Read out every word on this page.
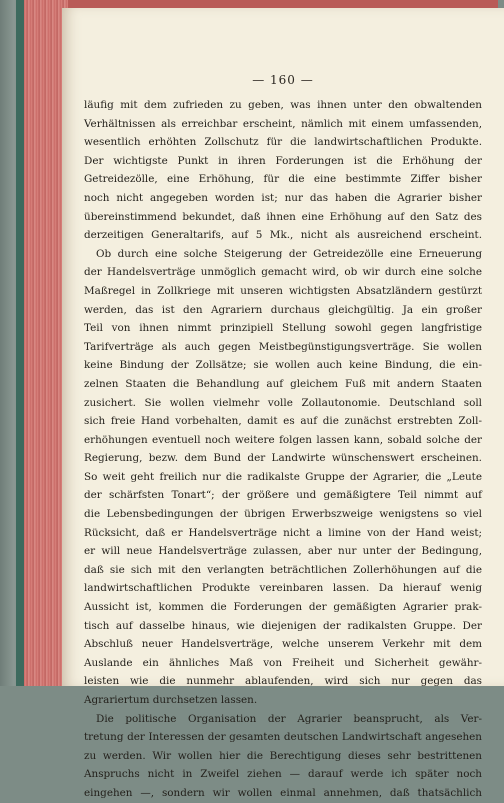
— 160 —
läufig mit dem zufrieden zu geben, was ihnen unter den obwaltenden
Verhältnissen als erreichbar erscheint, nämlich mit einem umfassenden,
wesentlich erhöhten Zollschutz für die landwirtschaftlichen Produkte.
Der wichtigste Punkt in ihren Forderungen ist die Erhöhung der
Getreidezölle, eine Erhöhung, für die eine bestimmte Ziffer bisher
noch nicht angegeben worden ist; nur das haben die Agrarier bisher
übereinstimmend bekundet, daß ihnen eine Erhöhung auf den Satz des
derzeitigen Generaltarifs, auf 5 Mk., nicht als ausreichend erscheint.
Ob durch eine solche Steigerung der Getreidezölle eine Erneuerung
der Handelsverträge unmöglich gemacht wird, ob wir durch eine solche
Maßregel in Zollkriege mit unseren wichtigsten Absatzländern gestürzt
werden, das ist den Agrariern durchaus gleichgültig. Ja ein großer
Teil von ihnen nimmt prinzipiell Stellung sowohl gegen langfristige
Tarifverträge als auch gegen Meistbegünstigungsverträge. Sie wollen
keine Bindung der Zollsätze; sie wollen auch keine Bindung, die ein-
zelnen Staaten die Behandlung auf gleichem Fuß mit andern Staaten
zusichert. Sie wollen vielmehr volle Zollautonomie. Deutschland soll
sich freie Hand vorbehalten, damit es auf die zunächst erstrebten Zoll-
erhöhungen eventuell noch weitere folgen lassen kann, sobald solche der
Regierung, bezw. dem Bund der Landwirte wünschenswert erscheinen.
So weit geht freilich nur die radikalste Gruppe der Agrarier, die „Leute
der schärfsten Tonart“; der größere und gemäßigtere Teil nimmt auf
die Lebensbedingungen der übrigen Erwerbszweige wenigstens so viel
Rücksicht, daß er Handelsverträge nicht a limine von der Hand weist;
er will neue Handelsverträge zulassen, aber nur unter der Bedingung,
daß sie sich mit den verlangten beträchtlichen Zollerhöhungen auf die
landwirtschaftlichen Produkte vereinbaren lassen. Da hierauf wenig
Aussicht ist, kommen die Forderungen der gemäßigten Agrarier prak-
tisch auf dasselbe hinaus, wie diejenigen der radikalsten Gruppe. Der
Abschluß neuer Handelsverträge, welche unserem Verkehr mit dem
Auslande ein ähnliches Maß von Freiheit und Sicherheit gewähr-
leisten wie die nunmehr ablaufenden, wird sich nur gegen das
Agrariertum durchsetzen lassen.
Die politische Organisation der Agrarier beansprucht, als Ver-
tretung der Interessen der gesamten deutschen Landwirtschaft angesehen
zu werden. Wir wollen hier die Berechtigung dieses sehr bestrittenen
Anspruchs nicht in Zweifel ziehen — darauf werde ich später noch
eingehen —, sondern wir wollen einmal annehmen, daß thatsächlich
